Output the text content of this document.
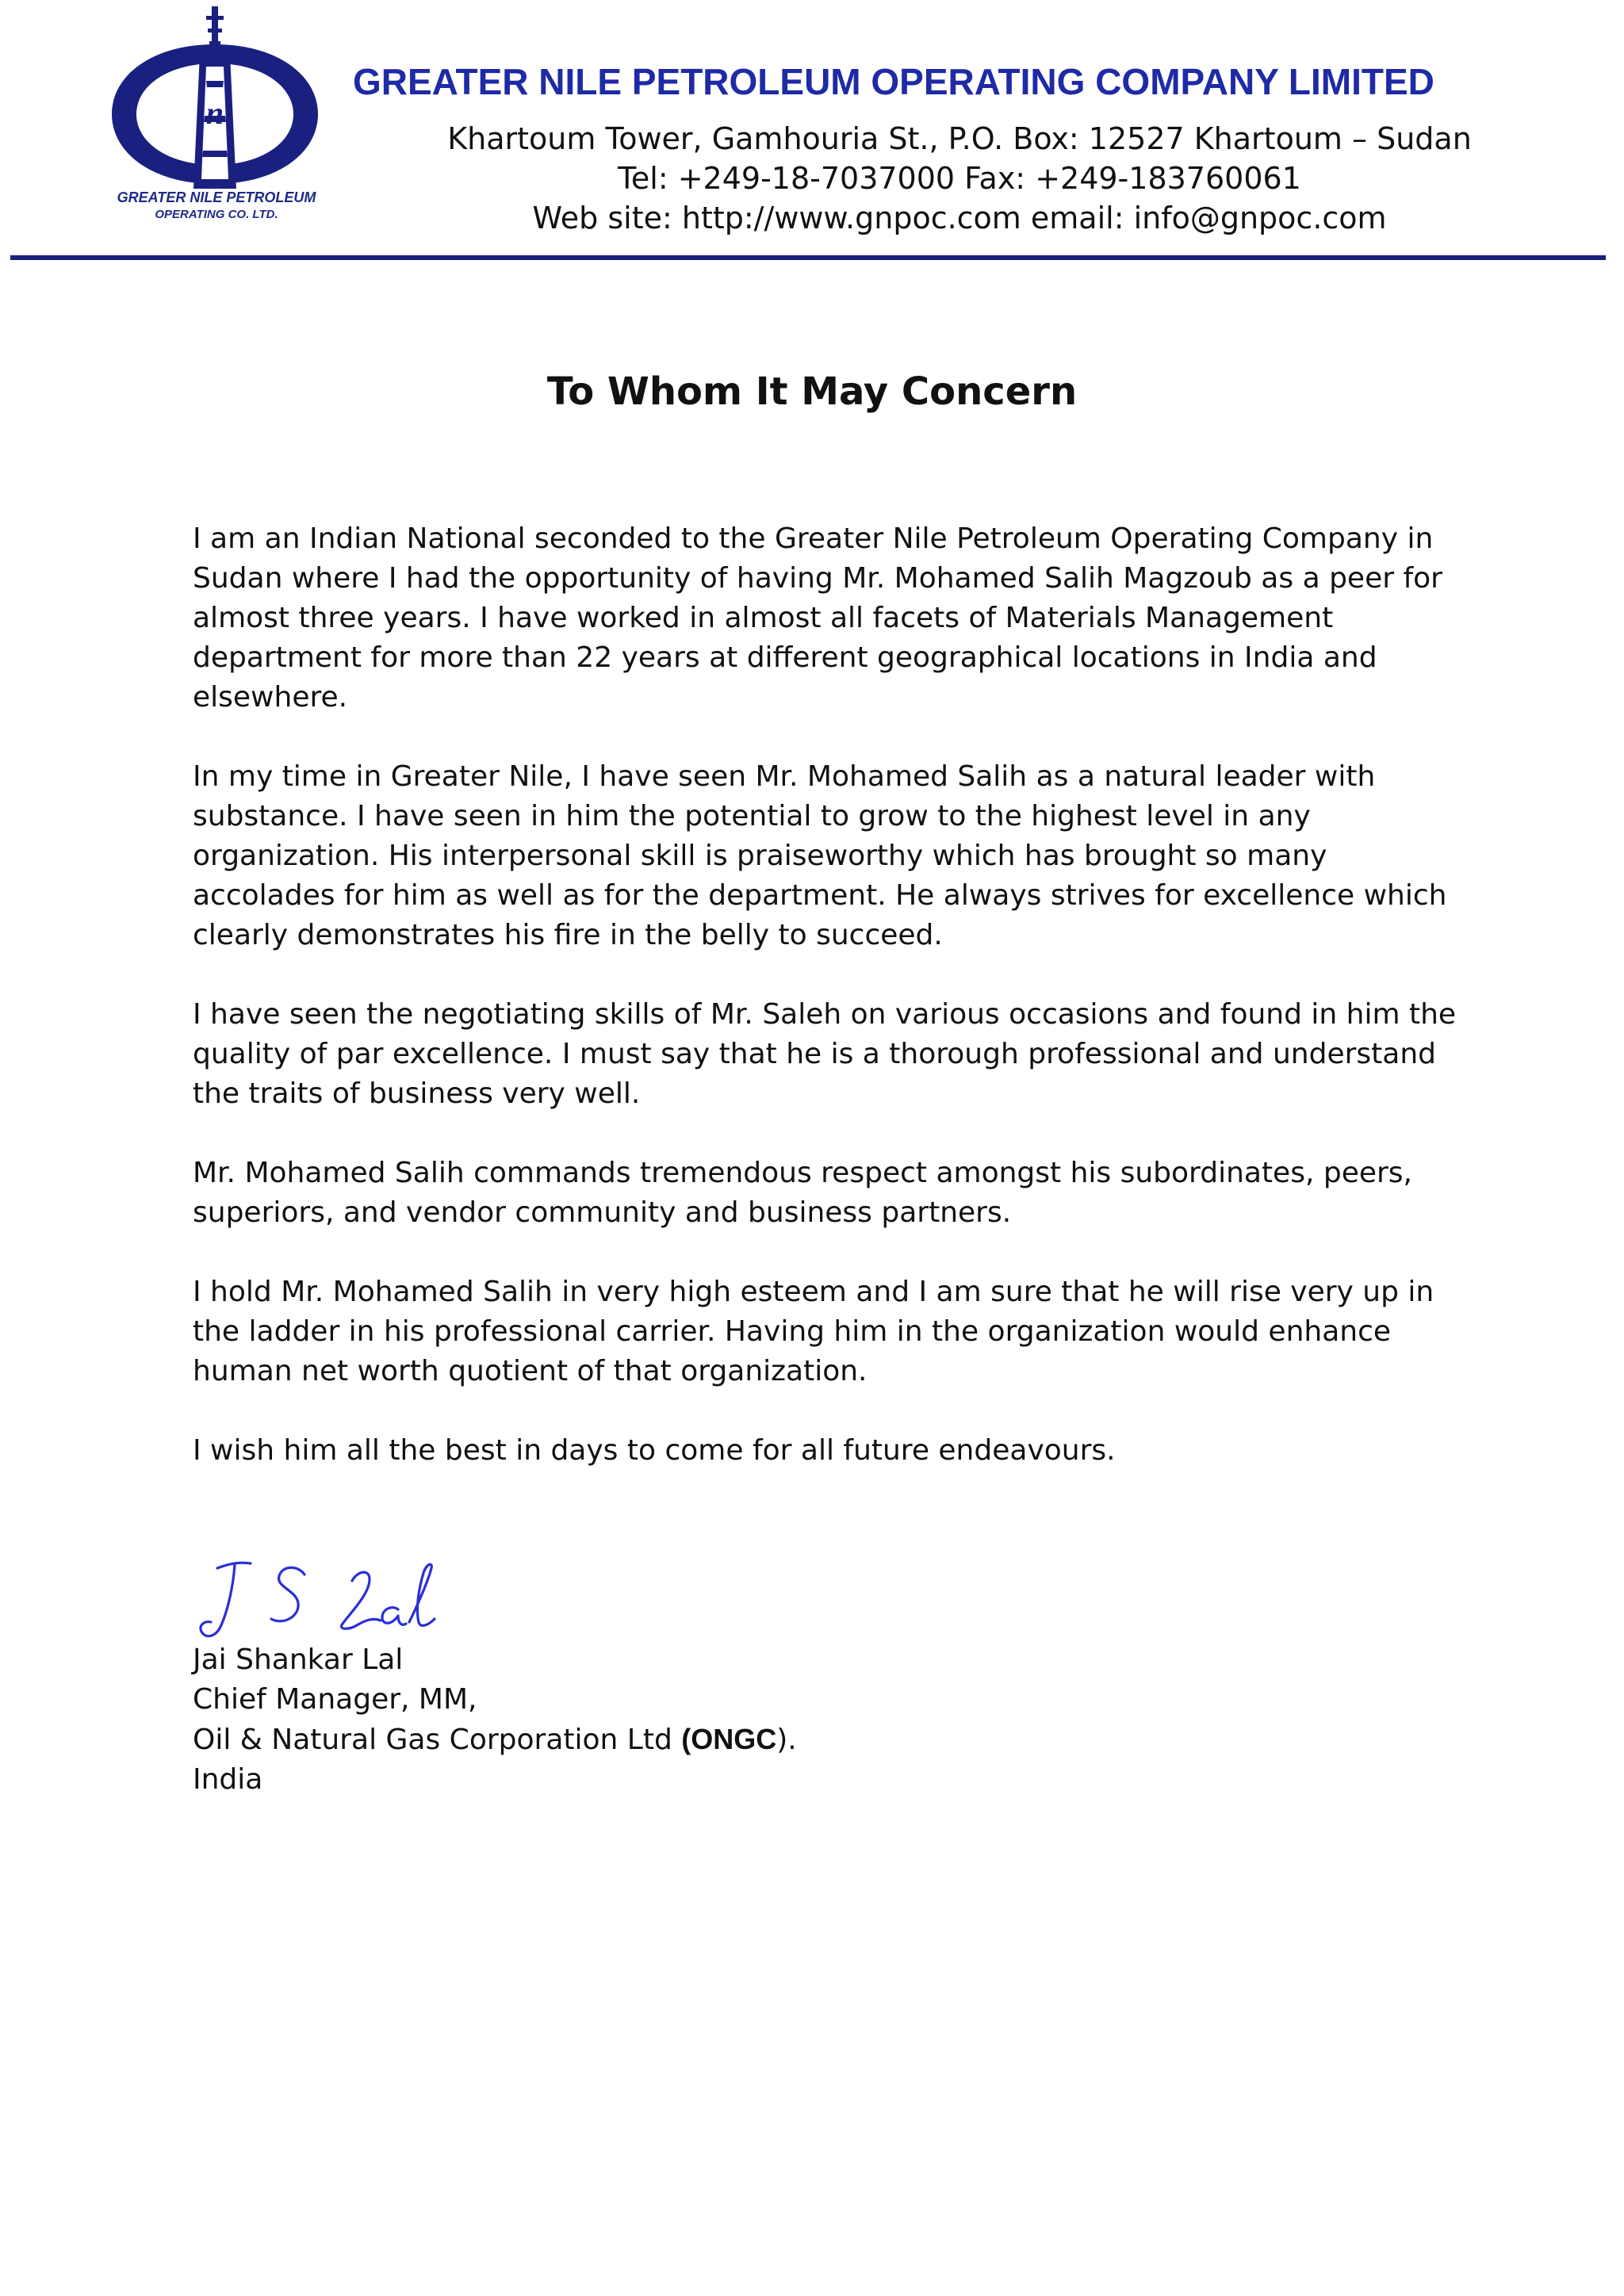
n
GREATER NILE PETROLEUM
OPERATING CO. LTD.
GREATER NILE PETROLEUM OPERATING COMPANY LIMITED
Khartoum Tower, Gamhouria St., P.O. Box: 12527 Khartoum – Sudan
Tel: +249-18-7037000 Fax: +249-183760061
Web site: http://www.gnpoc.com email: info@gnpoc.com
To Whom It May Concern

I am an Indian National seconded to the Greater Nile Petroleum Operating Company in Sudan where I had the opportunity of having Mr. Mohamed Salih Magzoub as a peer for almost three years. I have worked in almost all facets of Materials Management department for more than 22 years at different geographical locations in India and elsewhere.

In my time in Greater Nile, I have seen Mr. Mohamed Salih as a natural leader with substance. I have seen in him the potential to grow to the highest level in any organization. His interpersonal skill is praiseworthy which has brought so many accolades for him as well as for the department. He always strives for excellence which clearly demonstrates his fire in the belly to succeed.

I have seen the negotiating skills of Mr. Saleh on various occasions and found in him the quality of par excellence. I must say that he is a thorough professional and understand the traits of business very well.

Mr. Mohamed Salih commands tremendous respect amongst his subordinates, peers, superiors, and vendor community and business partners.

I hold Mr. Mohamed Salih in very high esteem and I am sure that he will rise very up in the ladder in his professional carrier. Having him in the organization would enhance human net worth quotient of that organization.

I wish him all the best in days to come for all future endeavours.

Jai Shankar Lal
Chief Manager, MM,
Oil & Natural Gas Corporation Ltd (ONGC).
India
